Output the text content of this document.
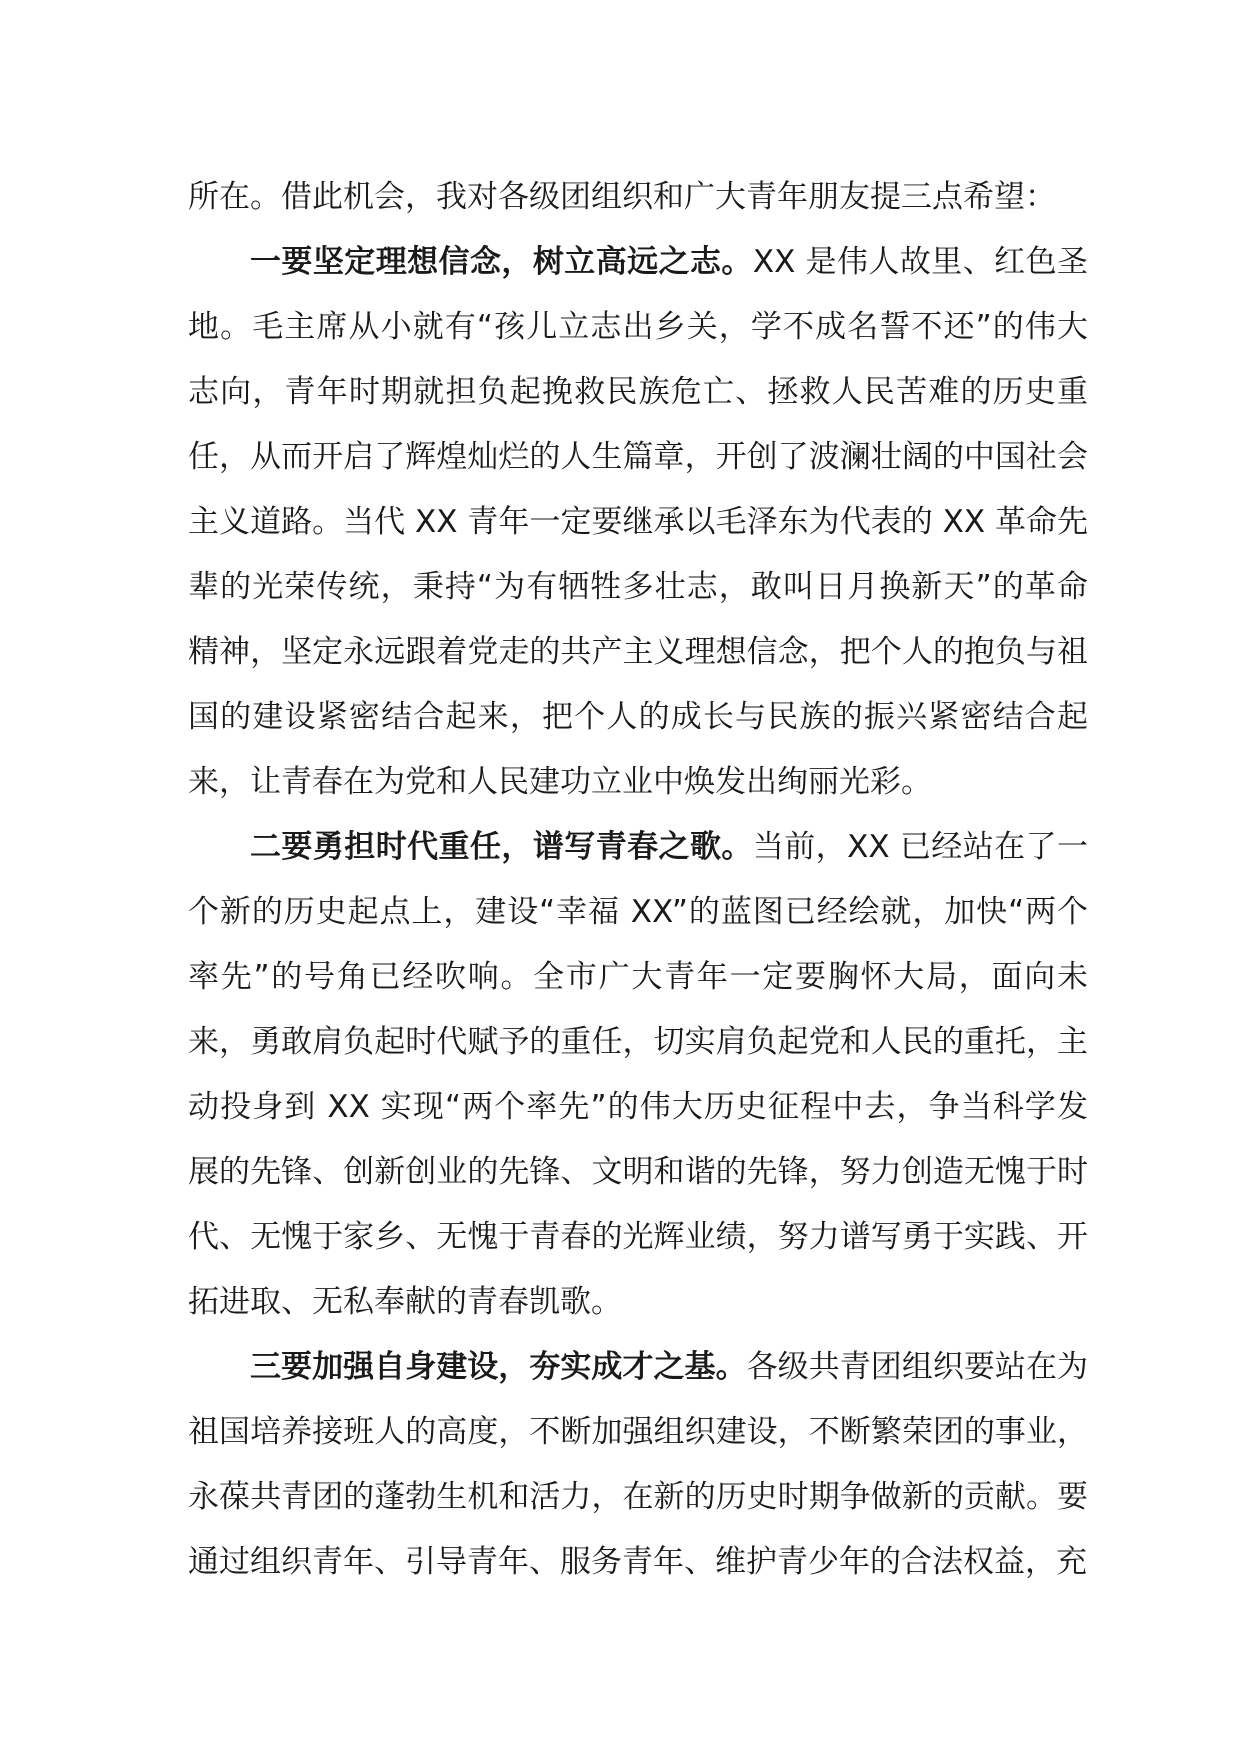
所在。借此机会，我对各级团组织和广大青年朋友提三点希望：

一要坚定理想信念，树立高远之志。XX 是伟人故里、红色圣地。毛主席从小就有“孩儿立志出乡关，学不成名誓不还”的伟大志向，青年时期就担负起挽救民族危亡、拯救人民苦难的历史重任，从而开启了辉煌灿烂的人生篇章，开创了波澜壮阔的中国社会主义道路。当代 XX 青年一定要继承以毛泽东为代表的 XX 革命先辈的光荣传统，秉持“为有牺牲多壮志，敢叫日月换新天”的革命精神，坚定永远跟着党走的共产主义理想信念，把个人的抱负与祖国的建设紧密结合起来，把个人的成长与民族的振兴紧密结合起来，让青春在为党和人民建功立业中焕发出绚丽光彩。

二要勇担时代重任，谱写青春之歌。当前，XX 已经站在了一个新的历史起点上，建设“幸福 XX”的蓝图已经绘就，加快“两个率先”的号角已经吹响。全市广大青年一定要胸怀大局，面向未来，勇敢肩负起时代赋予的重任，切实肩负起党和人民的重托，主动投身到 XX 实现“两个率先”的伟大历史征程中去，争当科学发展的先锋、创新创业的先锋、文明和谐的先锋，努力创造无愧于时代、无愧于家乡、无愧于青春的光辉业绩，努力谱写勇于实践、开拓进取、无私奉献的青春凯歌。

三要加强自身建设，夯实成才之基。各级共青团组织要站在为祖国培养接班人的高度，不断加强组织建设，不断繁荣团的事业，永葆共青团的蓬勃生机和活力，在新的历史时期争做新的贡献。要通过组织青年、引导青年、服务青年、维护青少年的合法权益，充
